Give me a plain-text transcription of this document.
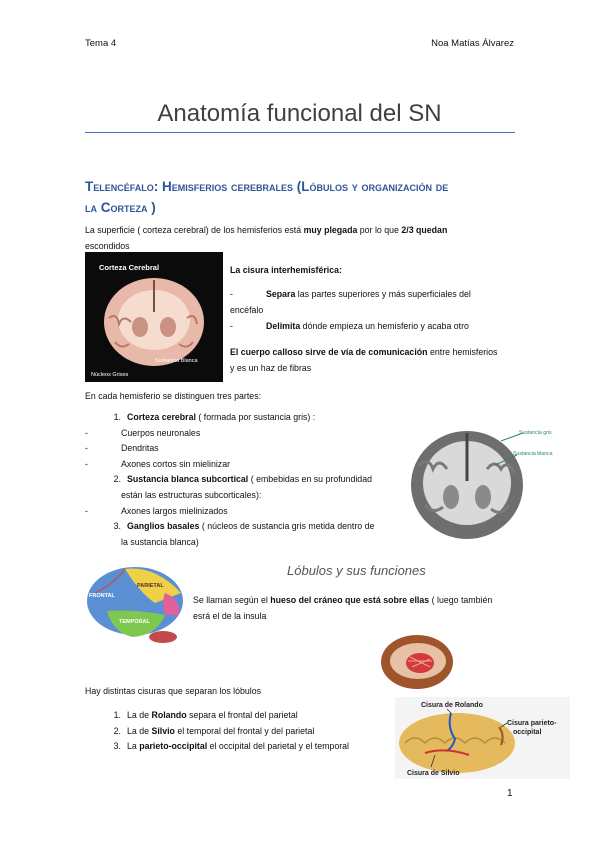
Tema 4	Noa Matías Álvarez
Anatomía funcional del SN
Telencéfalo: Hemisferios cerebrales (Lóbulos y organización de
la Corteza )
La superficie ( corteza cerebral) de los hemisferios está muy plegada por lo que 2/3 quedan
escondidos
Corteza Cerebral
Núcleos Grises
Sustancia Blanca
La cisura interhemisférica:
-	Separa las partes superiores y más superficiales del
encéfalo
-	Delimita dónde empieza un hemisferio y acaba otro
El cuerpo calloso sirve de vía de comunicación entre hemisferios
y es un haz de fibras
En cada hemisferio se distinguen tres partes:
1. Corteza cerebral ( formada por sustancia gris) :
-	Cuerpos neuronales
-	Dendritas
-	Axones cortos sin mielinizar
2. Sustancia blanca subcortical ( embebidas en su profundidad
están las estructuras subcorticales):
-	Axones largos mielinizados
3. Ganglios basales ( núcleos de sustancia gris metida dentro de
la sustancia blanca)
Sustancia gris
Sustancia blanca
FRONTAL
PARIETAL
TEMPORAL
Lóbulos y sus funciones
Se llaman según el hueso del cráneo que está sobre ellas ( luego también
esrá el de la insula
Hay distintas cisuras que separan los lóbulos
1. La de Rolando separa el frontal del parietal
2. La de Silvio el temporal del frontal y del parietal
3. La parieto-occipital el occipital del parietal y el temporal
Cisura de Rolando
Cisura parieto-
occipital
Cisura de Silvio
1
